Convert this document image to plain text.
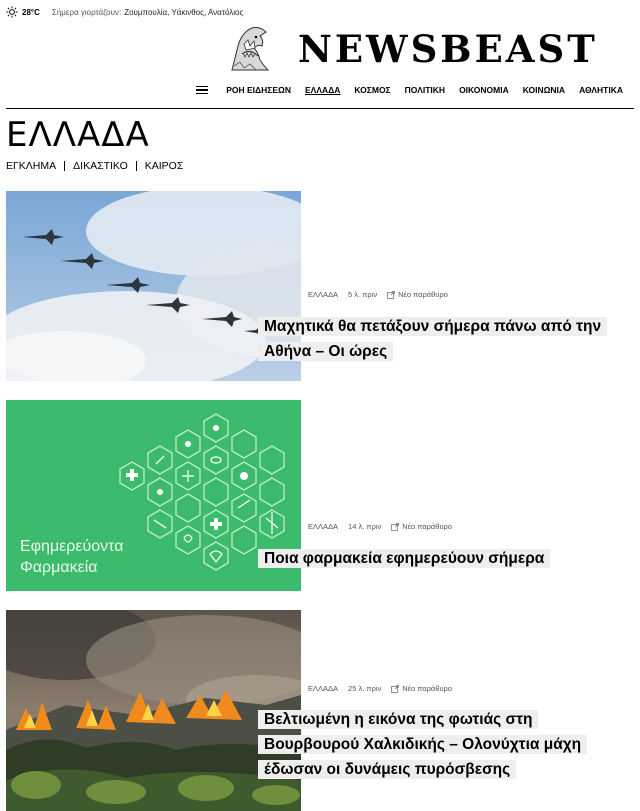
28°C Σήμερα γιορτάζουν: Ζουμπουλία, Υάκινθος, Ανατόλιος
NEWSBEAST
ΡΟΗ ΕΙΔΗΣΕΩΝ ΕΛΛΑΔΑ ΚΟΣΜΟΣ ΠΟΛΙΤΙΚΗ ΟΙΚΟΝΟΜΙΑ ΚΟΙΝΩΝΙΑ ΑΘΛΗΤΙΚΑ
ΕΛΛΑΔΑ
ΕΓΚΛΗΜΑ ΔΙΚΑΣΤΙΚΟ ΚΑΙΡΟΣ
ΕΛΛΑΔΑ 5 λ. πριν	Νέο παράθυρο
Μαχητικά θα πετάξουν σήμερα πάνω από την Αθήνα – Οι ώρες
Εφημερεύοντα
Φαρμακεία
ΕΛΛΑΔΑ 14 λ. πριν	Νέο παράθυρο
Ποια φαρμακεία εφημερεύουν σήμερα
ΕΛΛΑΔΑ 25 λ. πριν	Νέο παράθυρο
Βελτιωμένη η εικόνα της φωτιάς στη Βουρβουρού Χαλκιδικής – Ολονύχτια μάχη έδωσαν οι δυνάμεις πυρόσβεσης
